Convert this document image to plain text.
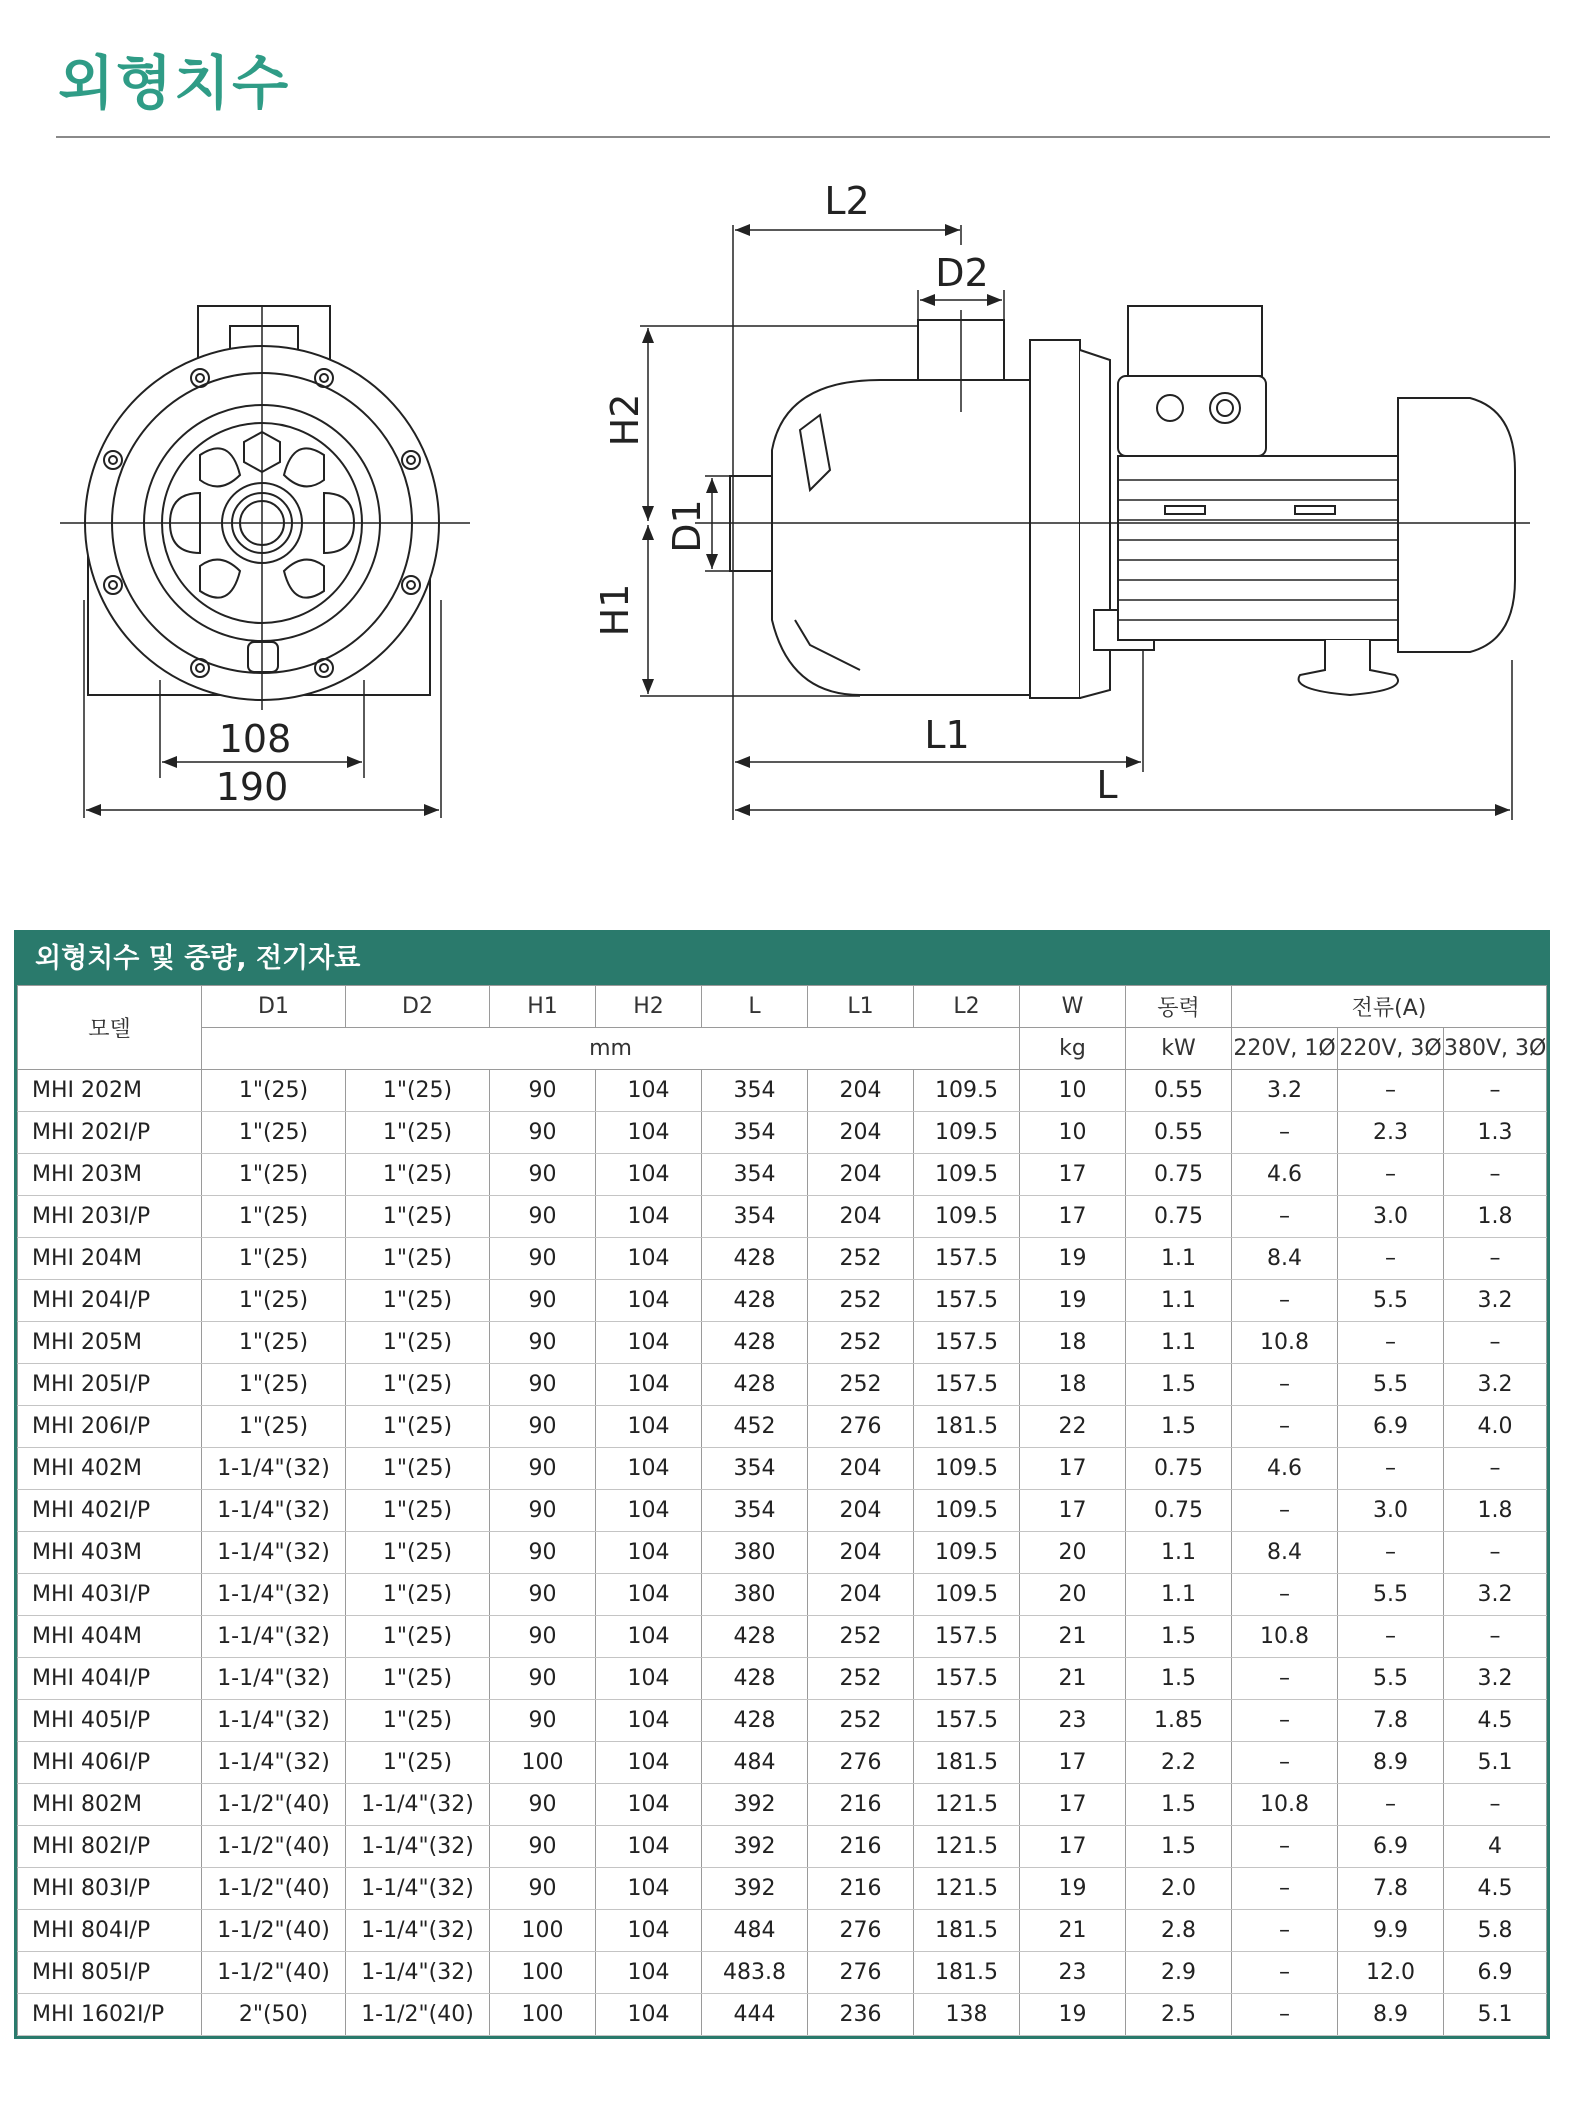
외형치수
108
190
L2
D2
L1
L
H2
D1
H1
외형치수 및 중량, 전기자료
모델	D1	D2	H1	H2	L	L1	L2	W	동력	전류(A)		
	mm							kg	kW	220V, 1Ø	220V, 3Ø	380V, 3Ø
MHI 202M	1"(25)	1"(25)	90	104	354	204	109.5	10	0.55	3.2	–	–
MHI 202I/P	1"(25)	1"(25)	90	104	354	204	109.5	10	0.55	–	2.3	1.3
MHI 203M	1"(25)	1"(25)	90	104	354	204	109.5	17	0.75	4.6	–	–
MHI 203I/P	1"(25)	1"(25)	90	104	354	204	109.5	17	0.75	–	3.0	1.8
MHI 204M	1"(25)	1"(25)	90	104	428	252	157.5	19	1.1	8.4	–	–
MHI 204I/P	1"(25)	1"(25)	90	104	428	252	157.5	19	1.1	–	5.5	3.2
MHI 205M	1"(25)	1"(25)	90	104	428	252	157.5	18	1.1	10.8	–	–
MHI 205I/P	1"(25)	1"(25)	90	104	428	252	157.5	18	1.5	–	5.5	3.2
MHI 206I/P	1"(25)	1"(25)	90	104	452	276	181.5	22	1.5	–	6.9	4.0
MHI 402M	1-1/4"(32)	1"(25)	90	104	354	204	109.5	17	0.75	4.6	–	–
MHI 402I/P	1-1/4"(32)	1"(25)	90	104	354	204	109.5	17	0.75	–	3.0	1.8
MHI 403M	1-1/4"(32)	1"(25)	90	104	380	204	109.5	20	1.1	8.4	–	–
MHI 403I/P	1-1/4"(32)	1"(25)	90	104	380	204	109.5	20	1.1	–	5.5	3.2
MHI 404M	1-1/4"(32)	1"(25)	90	104	428	252	157.5	21	1.5	10.8	–	–
MHI 404I/P	1-1/4"(32)	1"(25)	90	104	428	252	157.5	21	1.5	–	5.5	3.2
MHI 405I/P	1-1/4"(32)	1"(25)	90	104	428	252	157.5	23	1.85	–	7.8	4.5
MHI 406I/P	1-1/4"(32)	1"(25)	100	104	484	276	181.5	17	2.2	–	8.9	5.1
MHI 802M	1-1/2"(40)	1-1/4"(32)	90	104	392	216	121.5	17	1.5	10.8	–	–
MHI 802I/P	1-1/2"(40)	1-1/4"(32)	90	104	392	216	121.5	17	1.5	–	6.9	4
MHI 803I/P	1-1/2"(40)	1-1/4"(32)	90	104	392	216	121.5	19	2.0	–	7.8	4.5
MHI 804I/P	1-1/2"(40)	1-1/4"(32)	100	104	484	276	181.5	21	2.8	–	9.9	5.8
MHI 805I/P	1-1/2"(40)	1-1/4"(32)	100	104	483.8	276	181.5	23	2.9	–	12.0	6.9
MHI 1602I/P	2"(50)	1-1/2"(40)	100	104	444	236	138	19	2.5	–	8.9	5.1
